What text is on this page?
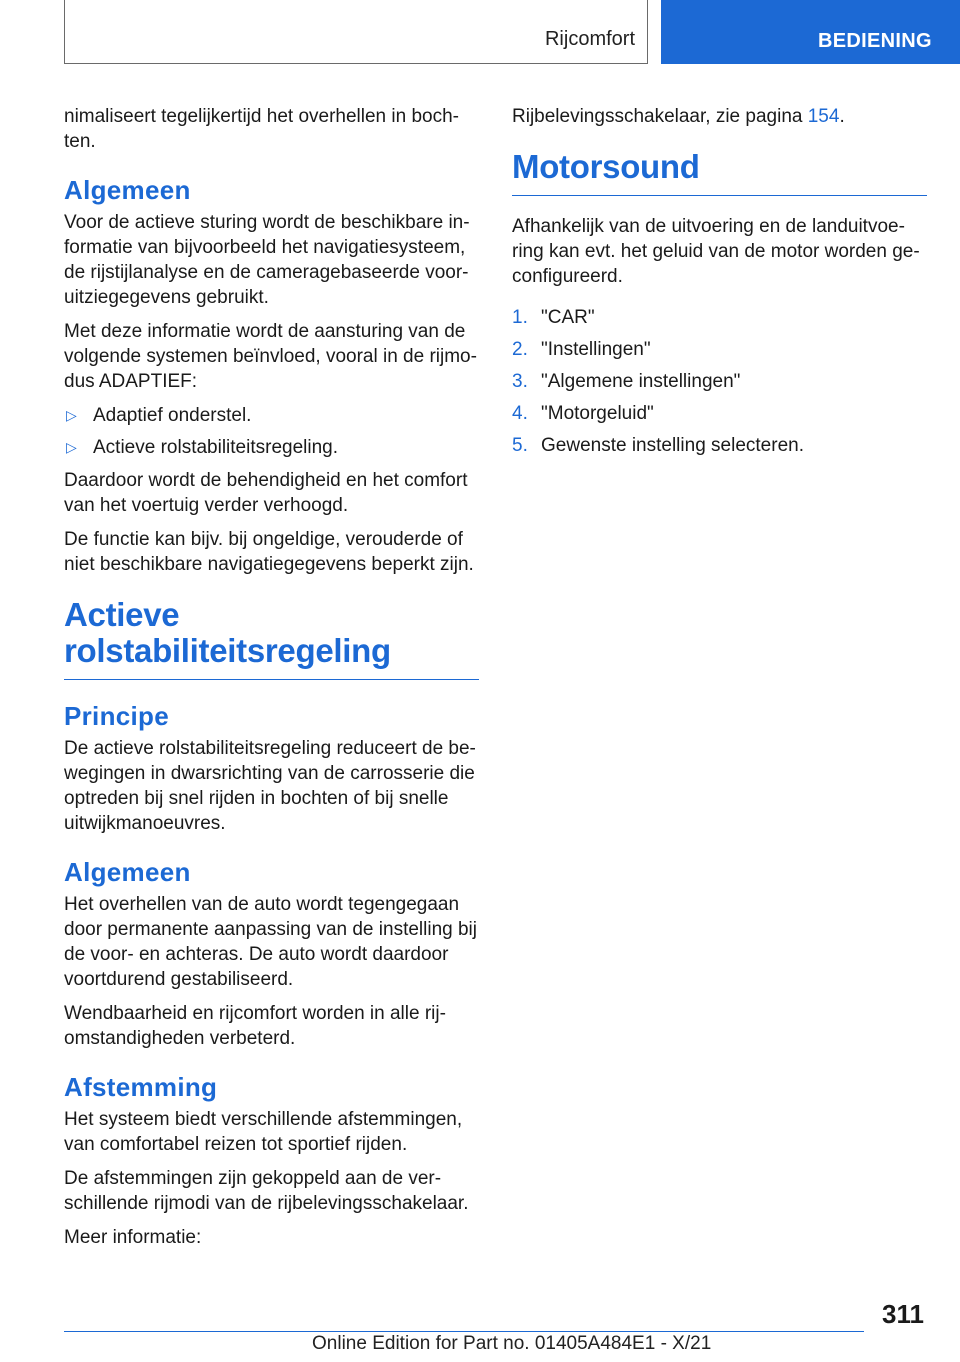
Rijcomfort	BEDIENING

nimaliseert tegelijkertijd het overhellen in boch-ten.

Algemeen

Voor de actieve sturing wordt de beschikbare in-formatie van bijvoorbeeld het navigatiesysteem, de rijstijlanalyse en de cameragebaseerde voor-uitziegegevens gebruikt.

Met deze informatie wordt de aansturing van de volgende systemen beïnvloed, vooral in de rijmo-dus ADAPTIEF:

▷ Adaptief onderstel.
▷ Actieve rolstabiliteitsregeling.

Daardoor wordt de behendigheid en het comfort van het voertuig verder verhoogd.

De functie kan bijv. bij ongeldige, verouderde of niet beschikbare navigatiegegevens beperkt zijn.

Actieve rolstabiliteitsregeling
Principe

De actieve rolstabiliteitsregeling reduceert de be-wegingen in dwarsrichting van de carrosserie die optreden bij snel rijden in bochten of bij snelle uitwijkmanoeuvres.

Algemeen

Het overhellen van de auto wordt tegengegaan door permanente aanpassing van de instelling bij de voor- en achteras. De auto wordt daardoor voortdurend gestabiliseerd.

Wendbaarheid en rijcomfort worden in alle rij-omstandigheden verbeterd.

Afstemming

Het systeem biedt verschillende afstemmingen, van comfortabel reizen tot sportief rijden.

De afstemmingen zijn gekoppeld aan de ver-schillende rijmodi van de rijbelevingsschakelaar.

Meer informatie:

Rijbelevingsschakelaar, zie pagina 154.

Motorsound

Afhankelijk van de uitvoering en de landuitvoe-ring kan evt. het geluid van de motor worden ge-configureerd.

1. "CAR"
2. "Instellingen"
3. "Algemene instellingen"
4. "Motorgeluid"
5. Gewenste instelling selecteren.
311
Online Edition for Part no. 01405A484E1 - X/21
